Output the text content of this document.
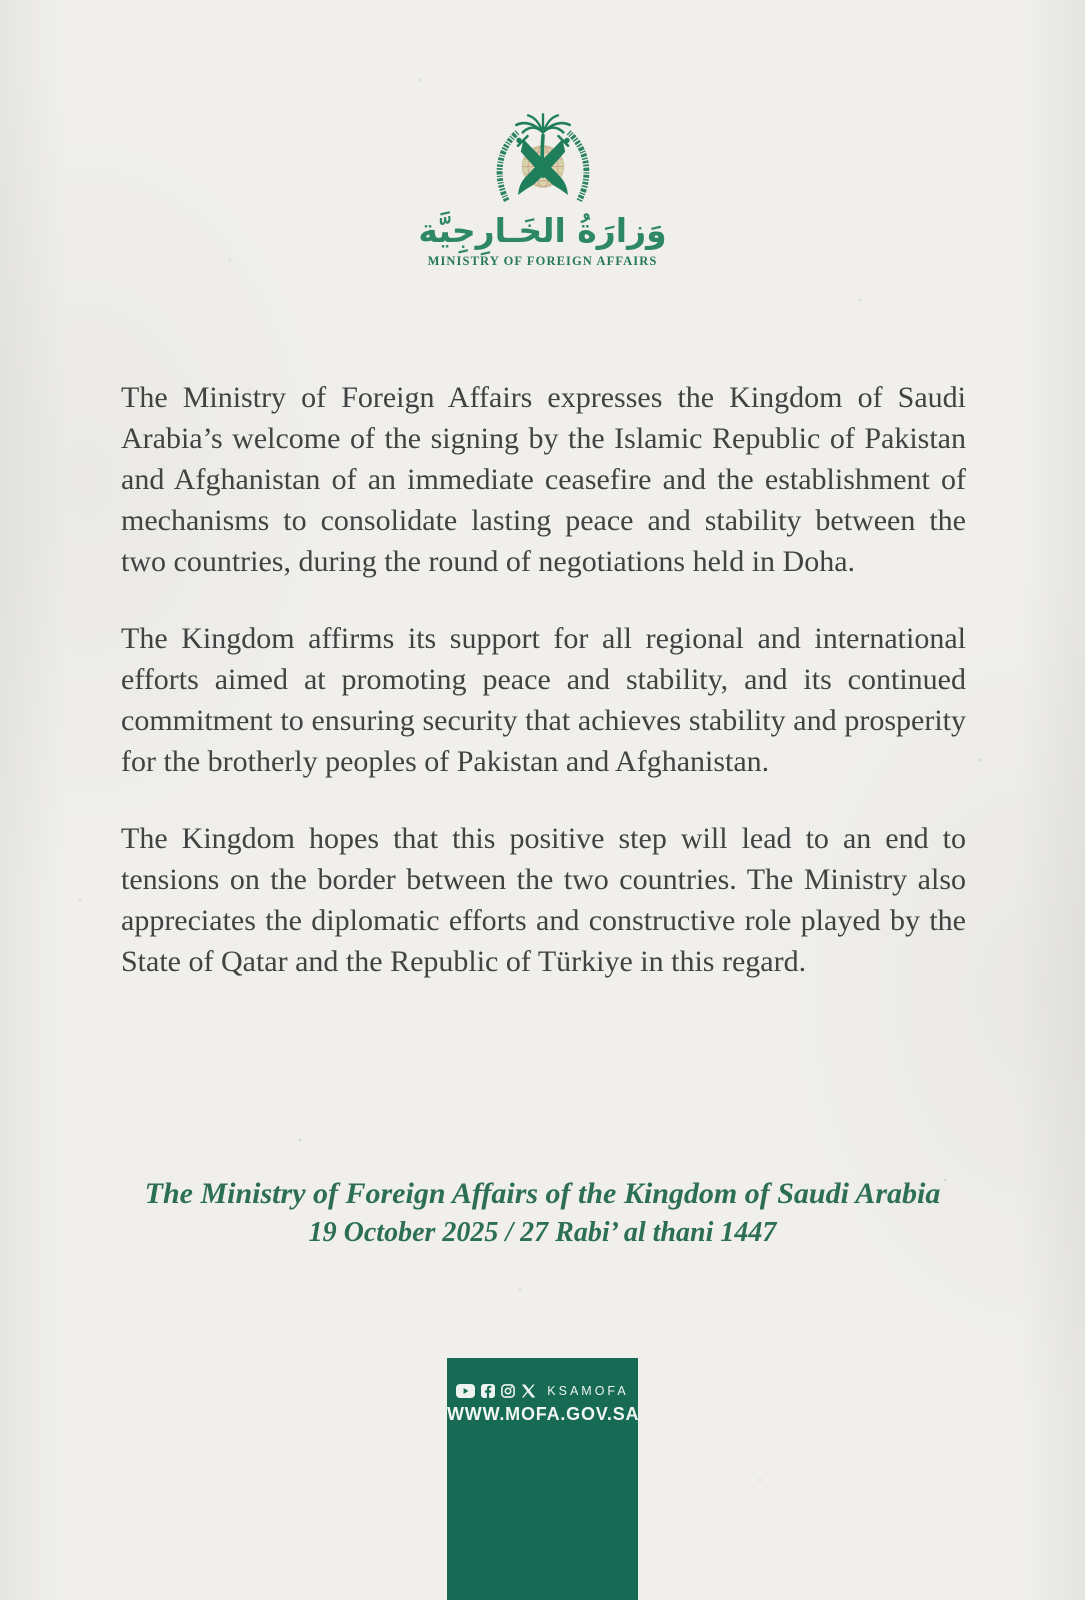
وَزارَةُ الخَـارِجِيَّة
MINISTRY OF FOREIGN AFFAIRS

The Ministry of Foreign Affairs expresses the Kingdom of Saudi Arabia’s welcome of the signing by the Islamic Republic of Pakistan and Afghanistan of an immediate ceasefire and the establishment of mechanisms to consolidate lasting peace and stability between the two countries, during the round of negotiations held in Doha.

The Kingdom affirms its support for all regional and international efforts aimed at promoting peace and stability, and its continued commitment to ensuring security that achieves stability and prosperity for the brotherly peoples of Pakistan and Afghanistan.

The Kingdom hopes that this positive step will lead to an end to tensions on the border between the two countries. The Ministry also appreciates the diplomatic efforts and constructive role played by the State of Qatar and the Republic of Türkiye in this regard.

The Ministry of Foreign Affairs of the Kingdom of Saudi Arabia
19 October 2025 / 27 Rabi’ al thani 1447
KSAMOFA
WWW.MOFA.GOV.SA
